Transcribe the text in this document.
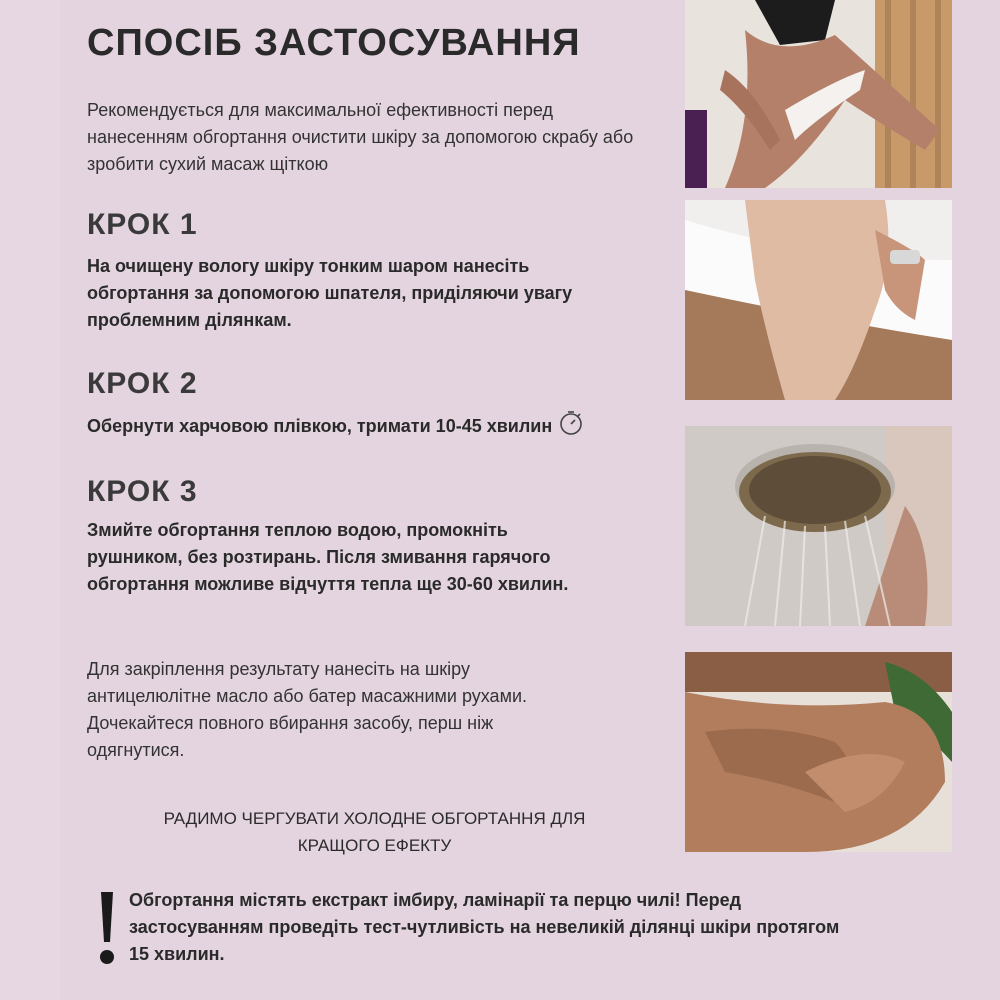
СПОСІБ ЗАСТОСУВАННЯ

Рекомендується для максимальної ефективності перед нанесенням обгортання очистити шкіру за допомогою скрабу або зробити сухий масаж щіткою

КРОК 1

На очищену вологу шкіру тонким шаром нанесіть
обгортання за допомогою шпателя, приділяючи увагу
проблемним ділянкам.

КРОК 2

Обернути харчовою плівкою, тримати 10-45 хвилин

КРОК 3

Змийте обгортання теплою водою, промокніть
рушником, без розтирань. Після змивання гарячого
обгортання можливе відчуття тепла ще 30-60 хвилин.

Для закріплення результату нанесіть на шкіру
антицелюлітне масло або батер масажними рухами.
Дочекайтеся повного вбирання засобу, перш ніж
одягнутися.

РАДИМО ЧЕРГУВАТИ ХОЛОДНЕ ОБГОРТАННЯ ДЛЯ
КРАЩОГО ЕФЕКТУ

Обгортання містять екстракт імбиру, ламінарії та перцю чилі! Перед
застосуванням проведіть тест-чутливість на невеликій ділянці шкіри протягом
15 хвилин.
